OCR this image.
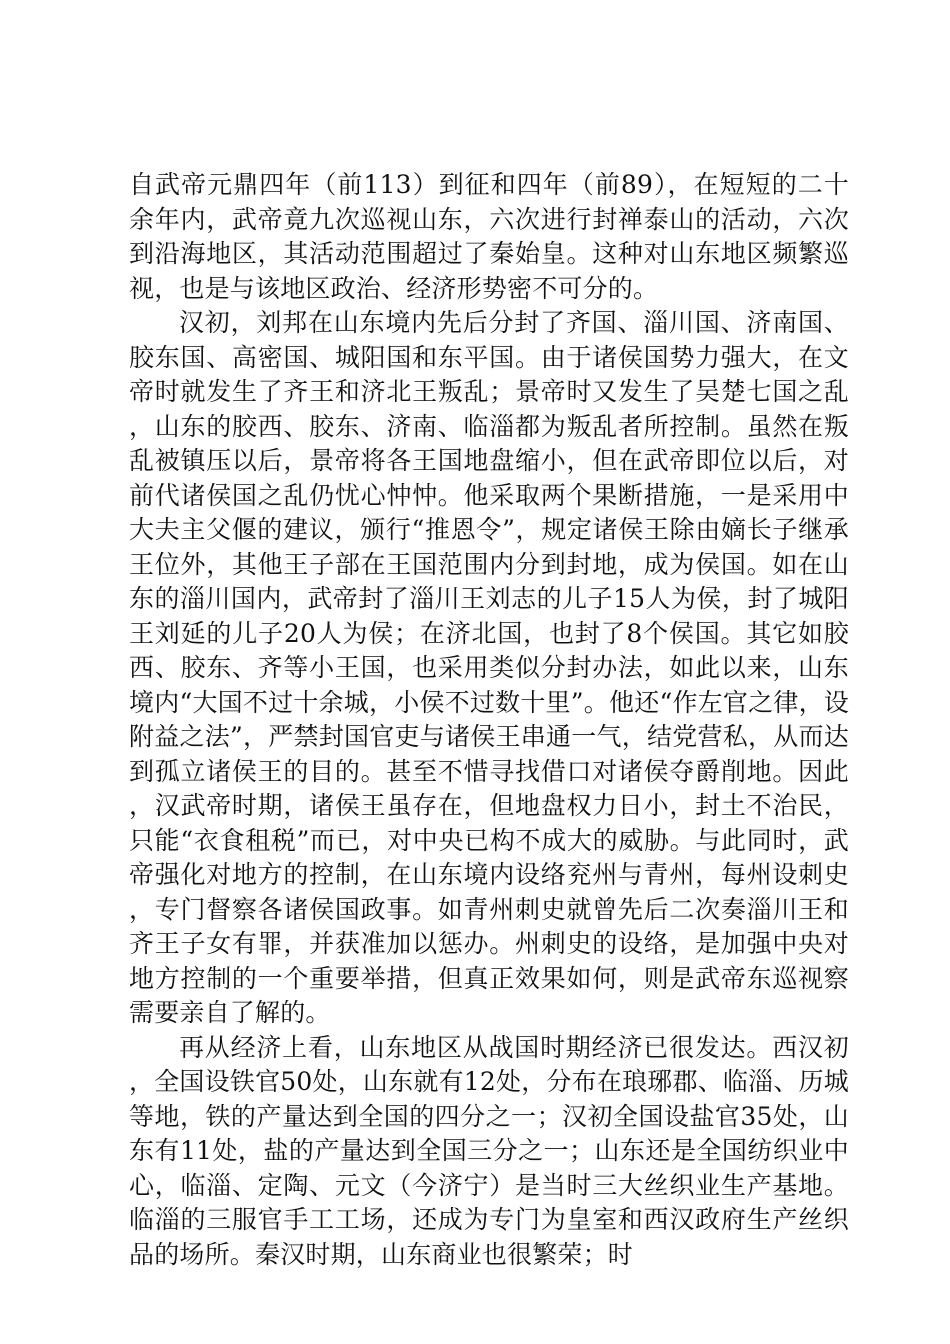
自武帝元鼎四年（前113）到征和四年（前89），在短短的二十余年内，武帝竟九次巡视山东，六次进行封禅泰山的活动，六次到沿海地区，其活动范围超过了秦始皇。这种对山东地区频繁巡视，也是与该地区政治、经济形势密不可分的。

汉初，刘邦在山东境内先后分封了齐国、淄川国、济南国、胶东国、高密国、城阳国和东平国。由于诸侯国势力强大，在文帝时就发生了齐王和济北王叛乱；景帝时又发生了吴楚七国之乱，山东的胶西、胶东、济南、临淄都为叛乱者所控制。虽然在叛乱被镇压以后，景帝将各王国地盘缩小，但在武帝即位以后，对前代诸侯国之乱仍忧心忡忡。他采取两个果断措施，一是采用中大夫主父偃的建议，颁行“推恩令”，规定诸侯王除由嫡长子继承王位外，其他王子部在王国范围内分到封地，成为侯国。如在山东的淄川国内，武帝封了淄川王刘志的儿子15人为侯，封了城阳王刘延的儿子20人为侯；在济北国，也封了8个侯国。其它如胶西、胶东、齐等小王国，也采用类似分封办法，如此以来，山东境内“大国不过十余城，小侯不过数十里”。他还“作左官之律，设附益之法”，严禁封国官吏与诸侯王串通一气，结党营私，从而达到孤立诸侯王的目的。甚至不惜寻找借口对诸侯夺爵削地。因此，汉武帝时期，诸侯王虽存在，但地盘权力日小，封土不治民，只能“衣食租税”而已，对中央已构不成大的威胁。与此同时，武帝强化对地方的控制，在山东境内设络兖州与青州，每州设刺史，专门督察各诸侯国政事。如青州刺史就曾先后二次奏淄川王和齐王子女有罪，并获准加以惩办。州刺史的设络，是加强中央对地方控制的一个重要举措，但真正效果如何，则是武帝东巡视察需要亲自了解的。

再从经济上看，山东地区从战国时期经济已很发达。西汉初，全国设铁官50处，山东就有12处，分布在琅琊郡、临淄、历城等地，铁的产量达到全国的四分之一；汉初全国设盐官35处，山东有11处，盐的产量达到全国三分之一；山东还是全国纺织业中心，临淄、定陶、元文（今济宁）是当时三大丝织业生产基地。临淄的三服官手工工场，还成为专门为皇室和西汉政府生产丝织品的场所。秦汉时期，山东商业也很繁荣；时
